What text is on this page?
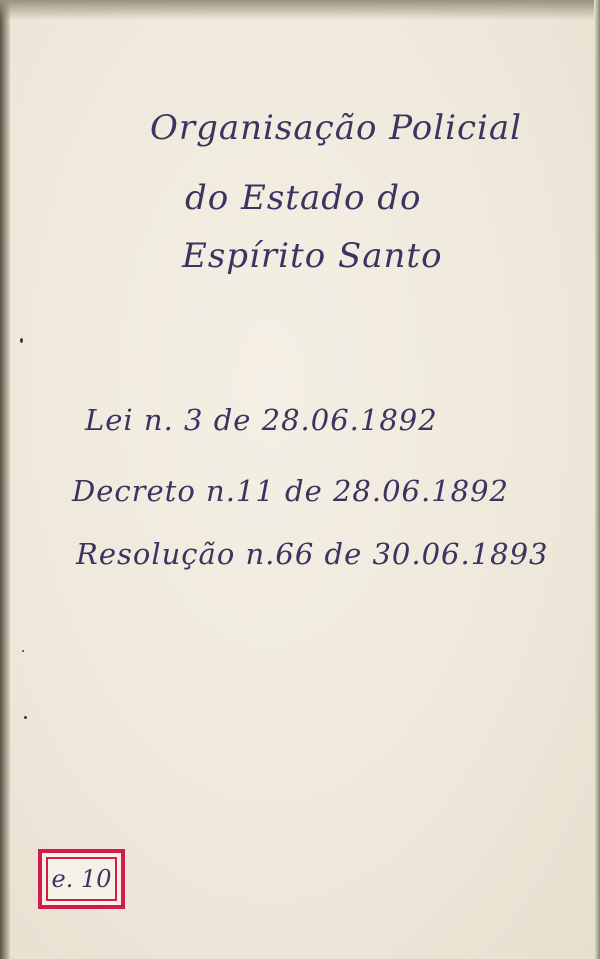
Organisação Policial
do Estado do
Espírito Santo
Lei n. 3 de 28.06.1892
Decreto n.11 de 28.06.1892
Resolução n.66 de 30.06.1893
e. 10
